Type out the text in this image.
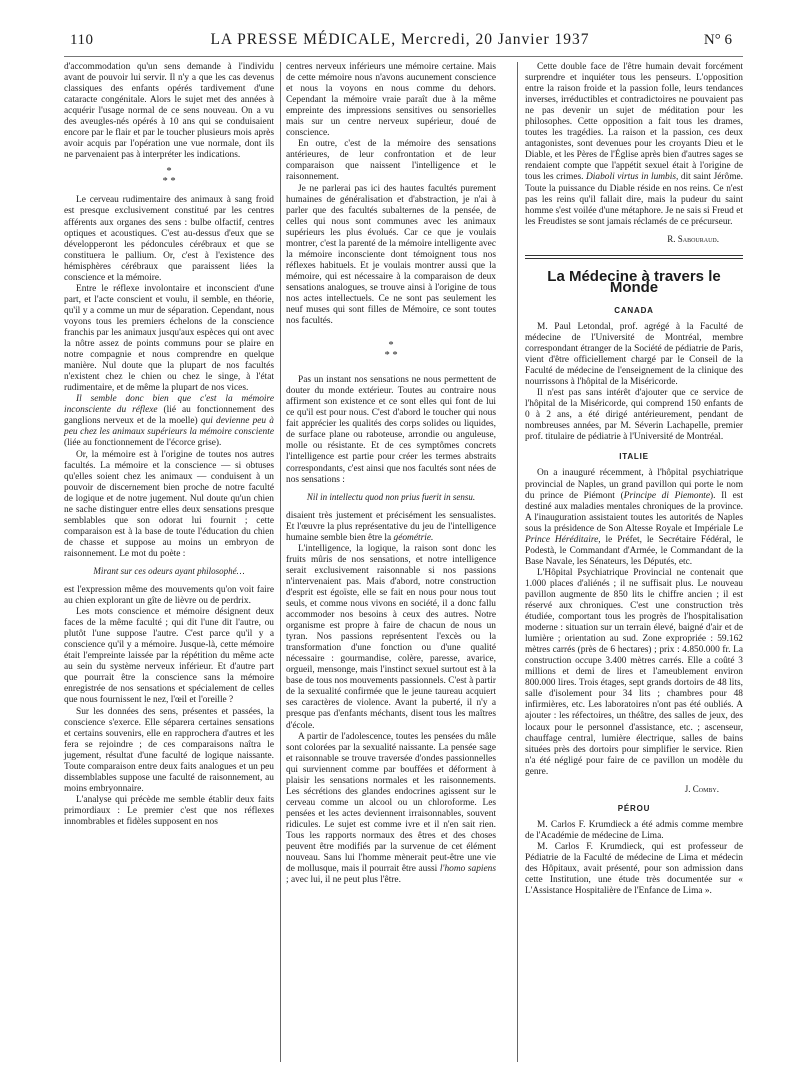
110	LA PRESSE MÉDICALE, Mercredi, 20 Janvier 1937	N° 6

d'accommodation qu'un sens demande à l'individu avant de pouvoir lui servir. Il n'y a que les cas devenus classiques des enfants opérés tardivement d'une cataracte congénitale. Alors le sujet met des années à acquérir l'usage normal de ce sens nouveau. On a vu des aveugles-nés opérés à 10 ans qui se conduisaient encore par le flair et par le toucher plusieurs mois après avoir acquis par l'opération une vue normale, dont ils ne parvenaient pas à interpréter les indications.

*
* *

Le cerveau rudimentaire des animaux à sang froid est presque exclusivement constitué par les centres afférents aux organes des sens : bulbe olfactif, centres optiques et acoustiques. C'est au-dessus d'eux que se développeront les pédoncules cérébraux et que se constituera le pallium. Or, c'est à l'existence des hémisphères cérébraux que paraissent liées la conscience et la mémoire.

Entre le réflexe involontaire et inconscient d'une part, et l'acte conscient et voulu, il semble, en théorie, qu'il y a comme un mur de séparation. Cependant, nous voyons tous les premiers échelons de la conscience franchis par les animaux jusqu'aux espèces qui ont avec la nôtre assez de points communs pour se plaire en notre compagnie et nous comprendre en quelque manière. Nul doute que la plupart de nos facultés n'existent chez le chien ou chez le singe, à l'état rudimentaire, et de même la plupart de nos vices.

Il semble donc bien que c'est la mémoire inconsciente du réflexe (lié au fonctionnement des ganglions nerveux et de la moelle) qui devienne peu à peu chez les animaux supérieurs la mémoire consciente (liée au fonctionnement de l'écorce grise).

Or, la mémoire est à l'origine de toutes nos autres facultés. La mémoire et la conscience — si obtuses qu'elles soient chez les animaux — conduisent à un pouvoir de discernement bien proche de notre faculté de logique et de notre jugement. Nul doute qu'un chien ne sache distinguer entre elles deux sensations presque semblables que son odorat lui fournit ; cette comparaison est à la base de toute l'éducation du chien de chasse et suppose au moins un embryon de raisonnement. Le mot du poète :

Mirant sur ces odeurs ayant philosophé…

est l'expression même des mouvements qu'on voit faire au chien explorant un gîte de lièvre ou de perdrix.

Les mots conscience et mémoire désignent deux faces de la même faculté ; qui dit l'une dit l'autre, ou plutôt l'une suppose l'autre. C'est parce qu'il y a conscience qu'il y a mémoire. Jusque-là, cette mémoire était l'empreinte laissée par la répétition du même acte au sein du système nerveux inférieur. Et d'autre part que pourrait être la conscience sans la mémoire enregistrée de nos sensations et spécialement de celles que nous fournissent le nez, l'œil et l'oreille ?

Sur les données des sens, présentes et passées, la conscience s'exerce. Elle séparera certaines sensations et certains souvenirs, elle en rapprochera d'autres et les fera se rejoindre ; de ces comparaisons naîtra le jugement, résultat d'une faculté de logique naissante. Toute comparaison entre deux faits analogues et un peu dissemblables suppose une faculté de raisonnement, au moins embryonnaire.

L'analyse qui précède me semble établir deux faits primordiaux : Le premier c'est que nos réflexes innombrables et fidèles supposent en nos

centres nerveux inférieurs une mémoire certaine. Mais de cette mémoire nous n'avons aucunement conscience et nous la voyons en nous comme du dehors. Cependant la mémoire vraie paraît due à la même empreinte des impressions sensitives ou sensorielles mais sur un centre nerveux supérieur, doué de conscience.

En outre, c'est de la mémoire des sensations antérieures, de leur confrontation et de leur comparaison que naissent l'intelligence et le raisonnement.

Je ne parlerai pas ici des hautes facultés purement humaines de généralisation et d'abstraction, je n'ai à parler que des facultés subalternes de la pensée, de celles qui nous sont communes avec les animaux supérieurs les plus évolués. Car ce que je voulais montrer, c'est la parenté de la mémoire intelligente avec la mémoire inconsciente dont témoignent tous nos réflexes habituels. Et je voulais montrer aussi que la mémoire, qui est nécessaire à la comparaison de deux sensations analogues, se trouve ainsi à l'origine de tous nos actes intellectuels. Ce ne sont pas seulement les neuf muses qui sont filles de Mémoire, ce sont toutes nos facultés.

*
* *

Pas un instant nos sensations ne nous permettent de douter du monde extérieur. Toutes au contraire nous affirment son existence et ce sont elles qui font de lui ce qu'il est pour nous. C'est d'abord le toucher qui nous fait apprécier les qualités des corps solides ou liquides, de surface plane ou raboteuse, arrondie ou anguleuse, molle ou résistante. Et de ces symptômes concrets l'intelligence est partie pour créer les termes abstraits correspondants, c'est ainsi que nos facultés sont nées de nos sensations :

Nil in intellectu quod non prius fuerit in sensu.

disaient très justement et précisément les sensualistes. Et l'œuvre la plus représentative du jeu de l'intelligence humaine semble bien être la géométrie.

L'intelligence, la logique, la raison sont donc les fruits mûris de nos sensations, et notre intelligence serait exclusivement raisonnable si nos passions n'intervenaient pas. Mais d'abord, notre construction d'esprit est égoïste, elle se fait en nous pour nous tout seuls, et comme nous vivons en société, il a donc fallu accommoder nos besoins à ceux des autres. Notre organisme est propre à faire de chacun de nous un tyran. Nos passions représentent l'excès ou la transformation d'une fonction ou d'une qualité nécessaire : gourmandise, colère, paresse, avarice, orgueil, mensonge, mais l'instinct sexuel surtout est à la base de tous nos mouvements passionnels. C'est à partir de la sexualité confirmée que le jeune taureau acquiert ses caractères de violence. Avant la puberté, il n'y a presque pas d'enfants méchants, disent tous les maîtres d'école.

A partir de l'adolescence, toutes les pensées du mâle sont colorées par la sexualité naissante. La pensée sage et raisonnable se trouve traversée d'ondes passionnelles qui surviennent comme par bouffées et déforment à plaisir les sensations normales et les raisonnements. Les sécrétions des glandes endocrines agissent sur le cerveau comme un alcool ou un chloroforme. Les pensées et les actes deviennent irraisonnables, souvent ridicules. Le sujet est comme ivre et il n'en sait rien. Tous les rapports normaux des êtres et des choses peuvent être modifiés par la survenue de cet élément nouveau. Sans lui l'homme mènerait peut-être une vie de mollusque, mais il pourrait être aussi l'homo sapiens ; avec lui, il ne peut plus l'être.

Cette double face de l'être humain devait forcément surprendre et inquiéter tous les penseurs. L'opposition entre la raison froide et la passion folle, leurs tendances inverses, irréductibles et contradictoires ne pouvaient pas ne pas devenir un sujet de méditation pour les philosophes. Cette opposition a fait tous les drames, toutes les tragédies. La raison et la passion, ces deux antagonistes, sont devenues pour les croyants Dieu et le Diable, et les Pères de l'Église après bien d'autres sages se rendaient compte que l'appétit sexuel était à l'origine de tous les crimes. Diaboli virtus in lumbis, dit saint Jérôme. Toute la puissance du Diable réside en nos reins. Ce n'est pas les reins qu'il fallait dire, mais la pudeur du saint homme s'est voilée d'une métaphore. Je ne sais si Freud et les Freudistes se sont jamais réclamés de ce précurseur.

R. Sabouraud.
La Médecine à travers le Monde
CANADA

M. Paul Letondal, prof. agrégé à la Faculté de médecine de l'Université de Montréal, membre correspondant étranger de la Société de pédiatrie de Paris, vient d'être officiellement chargé par le Conseil de la Faculté de médecine de l'enseignement de la clinique des nourrissons à l'hôpital de la Miséricorde.

Il n'est pas sans intérêt d'ajouter que ce service de l'hôpital de la Miséricorde, qui comprend 150 enfants de 0 à 2 ans, a été dirigé antérieurement, pendant de nombreuses années, par M. Séverin Lachapelle, premier prof. titulaire de pédiatrie à l'Université de Montréal.

ITALIE

On a inauguré récemment, à l'hôpital psychiatrique provincial de Naples, un grand pavillon qui porte le nom du prince de Piémont (Principe di Piemonte). Il est destiné aux maladies mentales chroniques de la province. A l'inauguration assistaient toutes les autorités de Naples sous la présidence de Son Altesse Royale et Impériale Le Prince Héréditaire, le Préfet, le Secrétaire Fédéral, le Podestà, le Commandant d'Armée, le Commandant de la Base Navale, les Sénateurs, les Députés, etc.

L'Hôpital Psychiatrique Provincial ne contenait que 1.000 places d'aliénés ; il ne suffisait plus. Le nouveau pavillon augmente de 850 lits le chiffre ancien ; il est réservé aux chroniques. C'est une construction très étudiée, comportant tous les progrès de l'hospitalisation moderne : situation sur un terrain élevé, baigné d'air et de lumière ; orientation au sud. Zone expropriée : 59.162 mètres carrés (près de 6 hectares) ; prix : 4.850.000 fr. La construction occupe 3.400 mètres carrés. Elle a coûté 3 millions et demi de lires et l'ameublement environ 800.000 lires. Trois étages, sept grands dortoirs de 48 lits, salle d'isolement pour 34 lits ; chambres pour 48 infirmières, etc. Les laboratoires n'ont pas été oubliés. A ajouter : les réfectoires, un théâtre, des salles de jeux, des locaux pour le personnel d'assistance, etc. ; ascenseur, chauffage central, lumière électrique, salles de bains situées près des dortoirs pour simplifier le service. Rien n'a été négligé pour faire de ce pavillon un modèle du genre.

J. Comby.
PÉROU

M. Carlos F. Krumdieck a été admis comme membre de l'Académie de médecine de Lima.

M. Carlos F. Krumdieck, qui est professeur de Pédiatrie de la Faculté de médecine de Lima et médecin des Hôpitaux, avait présenté, pour son admission dans cette Institution, une étude très documentée sur « L'Assistance Hospitalière de l'Enfance de Lima ».
